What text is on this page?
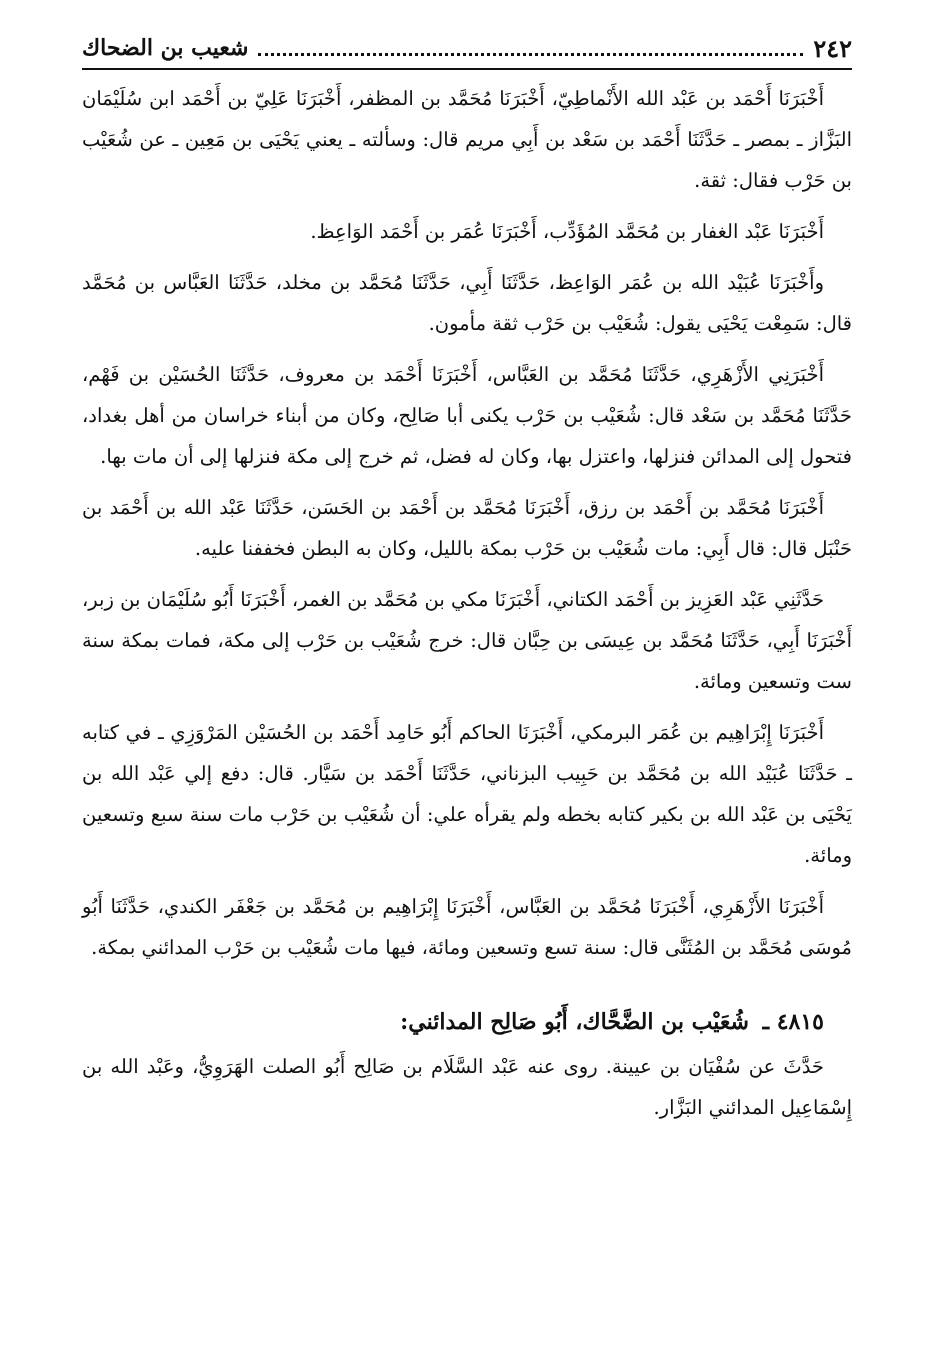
٢٤٢
شعيب بن الضحاك

أَخْبَرَنَا أَحْمَد بن عَبْد الله الأَنْماطِيّ، أَخْبَرَنَا مُحَمَّد بن المظفر، أَخْبَرَنَا عَلِيّ بن أَحْمَد ابن سُلَيْمَان البَزَّاز ـ بمصر ـ حَدَّثَنَا أَحْمَد بن سَعْد بن أَبِي مريم قال: وسألته ـ يعني يَحْيَى بن مَعِين ـ عن شُعَيْب بن حَرْب فقال: ثقة.

أَخْبَرَنَا عَبْد الغفار بن مُحَمَّد المُؤَدِّب، أَخْبَرَنَا عُمَر بن أَحْمَد الوَاعِظ.

وأَخْبَرَنَا عُبَيْد الله بن عُمَر الوَاعِظ، حَدَّثَنَا أَبِي، حَدَّثَنَا مُحَمَّد بن مخلد، حَدَّثَنَا العَبَّاس بن مُحَمَّد قال: سَمِعْت يَحْيَى يقول: شُعَيْب بن حَرْب ثقة مأمون.

أَخْبَرَنِي الأَزْهَرِي، حَدَّثَنَا مُحَمَّد بن العَبَّاس، أَخْبَرَنَا أَحْمَد بن معروف، حَدَّثَنَا الحُسَيْن بن فَهْم، حَدَّثَنَا مُحَمَّد بن سَعْد قال: شُعَيْب بن حَرْب يكنى أبا صَالِح، وكان من أبناء خراسان من أهل بغداد، فتحول إلى المدائن فنزلها، واعتزل بها، وكان له فضل، ثم خرج إلى مكة فنزلها إلى أن مات بها.

أَخْبَرَنَا مُحَمَّد بن أَحْمَد بن رزق، أَخْبَرَنَا مُحَمَّد بن أَحْمَد بن الحَسَن، حَدَّثَنَا عَبْد الله بن أَحْمَد بن حَنْبَل قال: قال أَبِي: مات شُعَيْب بن حَرْب بمكة بالليل، وكان به البطن فخففنا عليه.

حَدَّثَنِي عَبْد العَزِيز بن أَحْمَد الكتاني، أَخْبَرَنَا مكي بن مُحَمَّد بن الغمر، أَخْبَرَنَا أَبُو سُلَيْمَان بن زبر، أَخْبَرَنَا أَبِي، حَدَّثَنَا مُحَمَّد بن عِيسَى بن حِبَّان قال: خرج شُعَيْب بن حَرْب إلى مكة، فمات بمكة سنة ست وتسعين ومائة.

أَخْبَرَنَا إِبْرَاهِيم بن عُمَر البرمكي، أَخْبَرَنَا الحاكم أَبُو حَامِد أَحْمَد بن الحُسَيْن المَرْوَزِي ـ في كتابه ـ حَدَّثَنَا عُبَيْد الله بن مُحَمَّد بن حَبِيب البزناني، حَدَّثَنَا أَحْمَد بن سَيَّار. قال: دفع إلي عَبْد الله بن يَحْيَى بن عَبْد الله بن بكير كتابه بخطه ولم يقرأه علي: أن شُعَيْب بن حَرْب مات سنة سبع وتسعين ومائة.

أَخْبَرَنَا الأَزْهَرِي، أَخْبَرَنَا مُحَمَّد بن العَبَّاس، أَخْبَرَنَا إِبْرَاهِيم بن مُحَمَّد بن جَعْفَر الكندي، حَدَّثَنَا أَبُو مُوسَى مُحَمَّد بن المُثَنَّى قال: سنة تسع وتسعين ومائة، فيها مات شُعَيْب بن حَرْب المدائني بمكة.

٤٨١٥ ـ شُعَيْب بن الضَّحَّاك، أَبُو صَالِح المدائني:

حَدَّثَ عن سُفْيَان بن عيينة. روى عنه عَبْد السَّلَام بن صَالِح أَبُو الصلت الهَرَوِيُّ، وعَبْد الله بن إِسْمَاعِيل المدائني البَزَّار.
